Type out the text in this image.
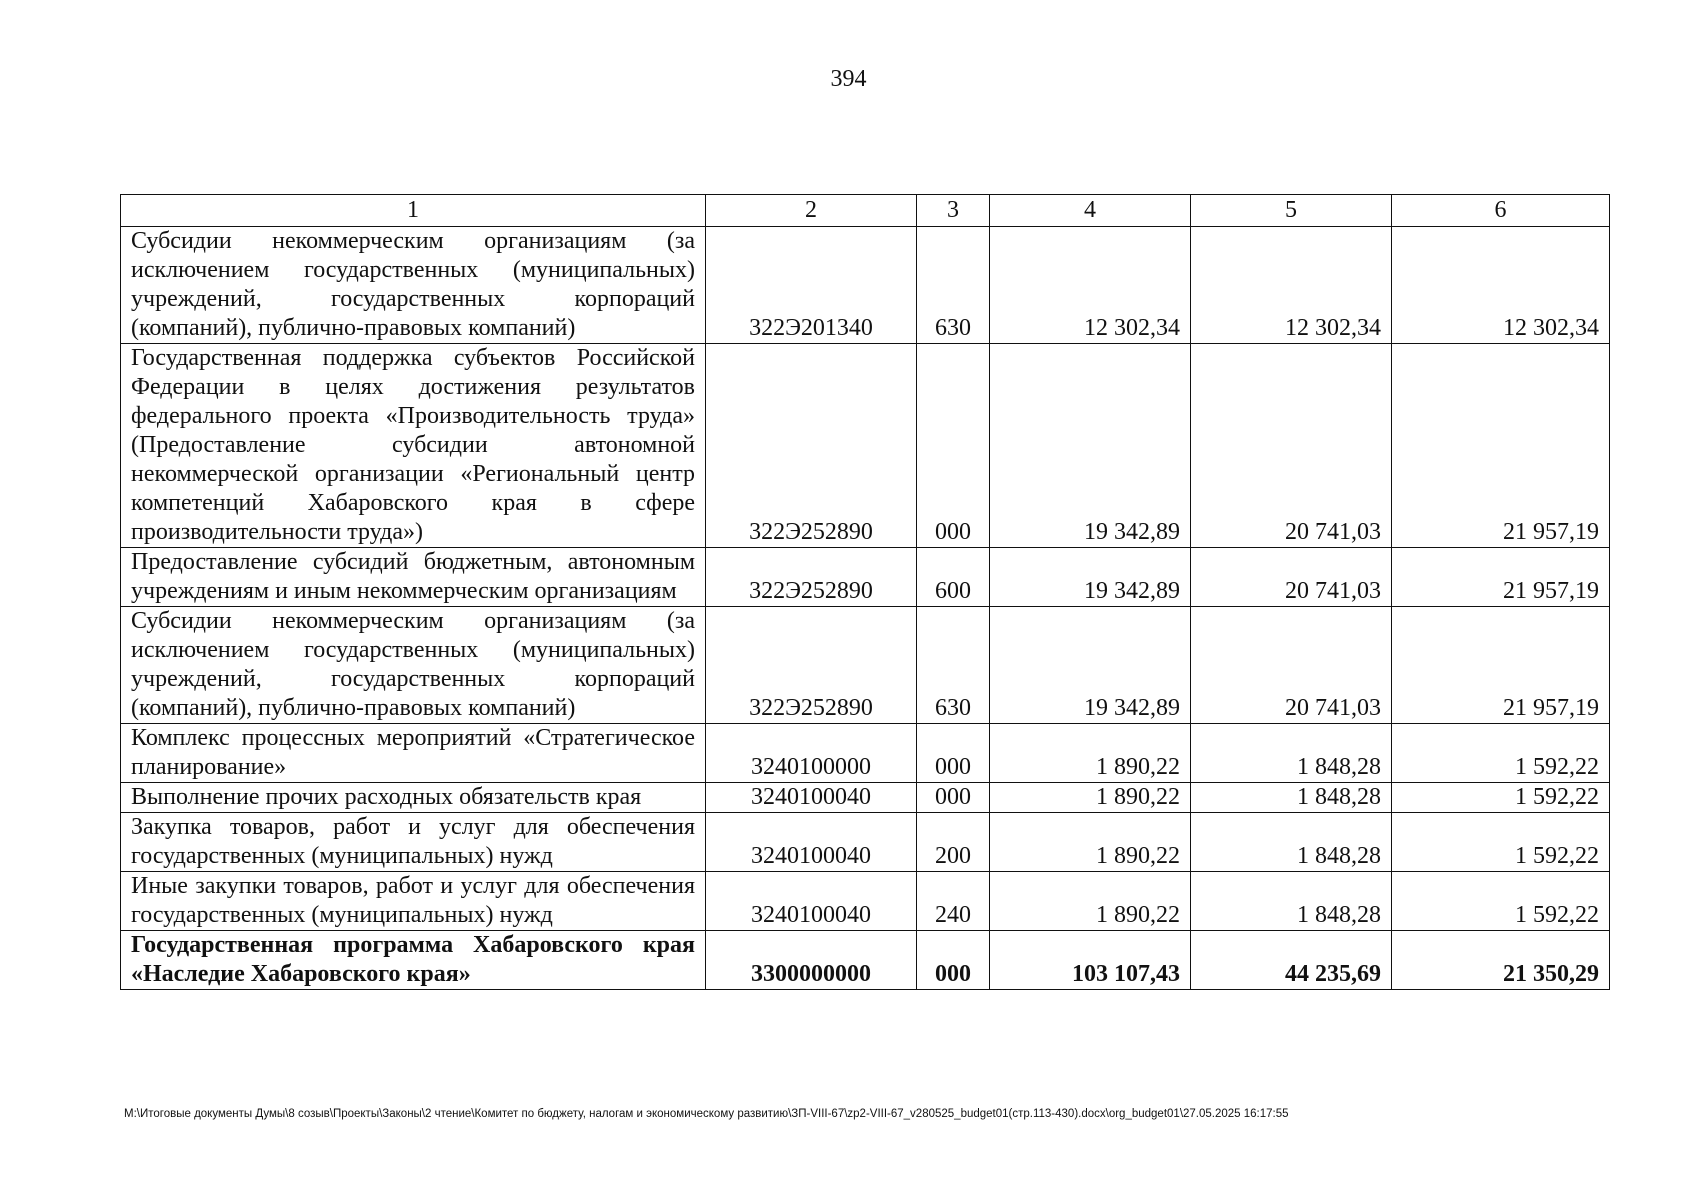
394
1	2	3	4	5	6
Субсидии некоммерческим организациям (за исключением государственных (муниципальных) учреждений, государственных корпораций (компаний), публично-правовых компаний)	322Э201340	630	12 302,34	12 302,34	12 302,34
Государственная поддержка субъектов Российской Федерации в целях достижения результатов федерального проекта «Производительность труда» (Предоставление субсидии автономной некоммерческой организации «Региональный центр компетенций Хабаровского края в сфере производительности труда»)	322Э252890	000	19 342,89	20 741,03	21 957,19
Предоставление субсидий бюджетным, автономным учреждениям и иным некоммерческим организациям	322Э252890	600	19 342,89	20 741,03	21 957,19
Субсидии некоммерческим организациям (за исключением государственных (муниципальных) учреждений, государственных корпораций (компаний), публично-правовых компаний)	322Э252890	630	19 342,89	20 741,03	21 957,19
Комплекс процессных мероприятий «Стратегическое планирование»	3240100000	000	1 890,22	1 848,28	1 592,22
Выполнение прочих расходных обязательств края	3240100040	000	1 890,22	1 848,28	1 592,22
Закупка товаров, работ и услуг для обеспечения государственных (муниципальных) нужд	3240100040	200	1 890,22	1 848,28	1 592,22
Иные закупки товаров, работ и услуг для обеспечения государственных (муниципальных) нужд	3240100040	240	1 890,22	1 848,28	1 592,22
Государственная программа Хабаровского края «Наследие Хабаровского края»	3300000000	000	103 107,43	44 235,69	21 350,29
M:\Итоговые документы Думы\8 созыв\Проекты\Законы\2 чтение\Комитет по бюджету, налогам и экономическому развитию\ЗП-VIII-67\zp2-VIII-67_v280525_budget01(стр.113-430).docx\org_budget01\27.05.2025 16:17:55
